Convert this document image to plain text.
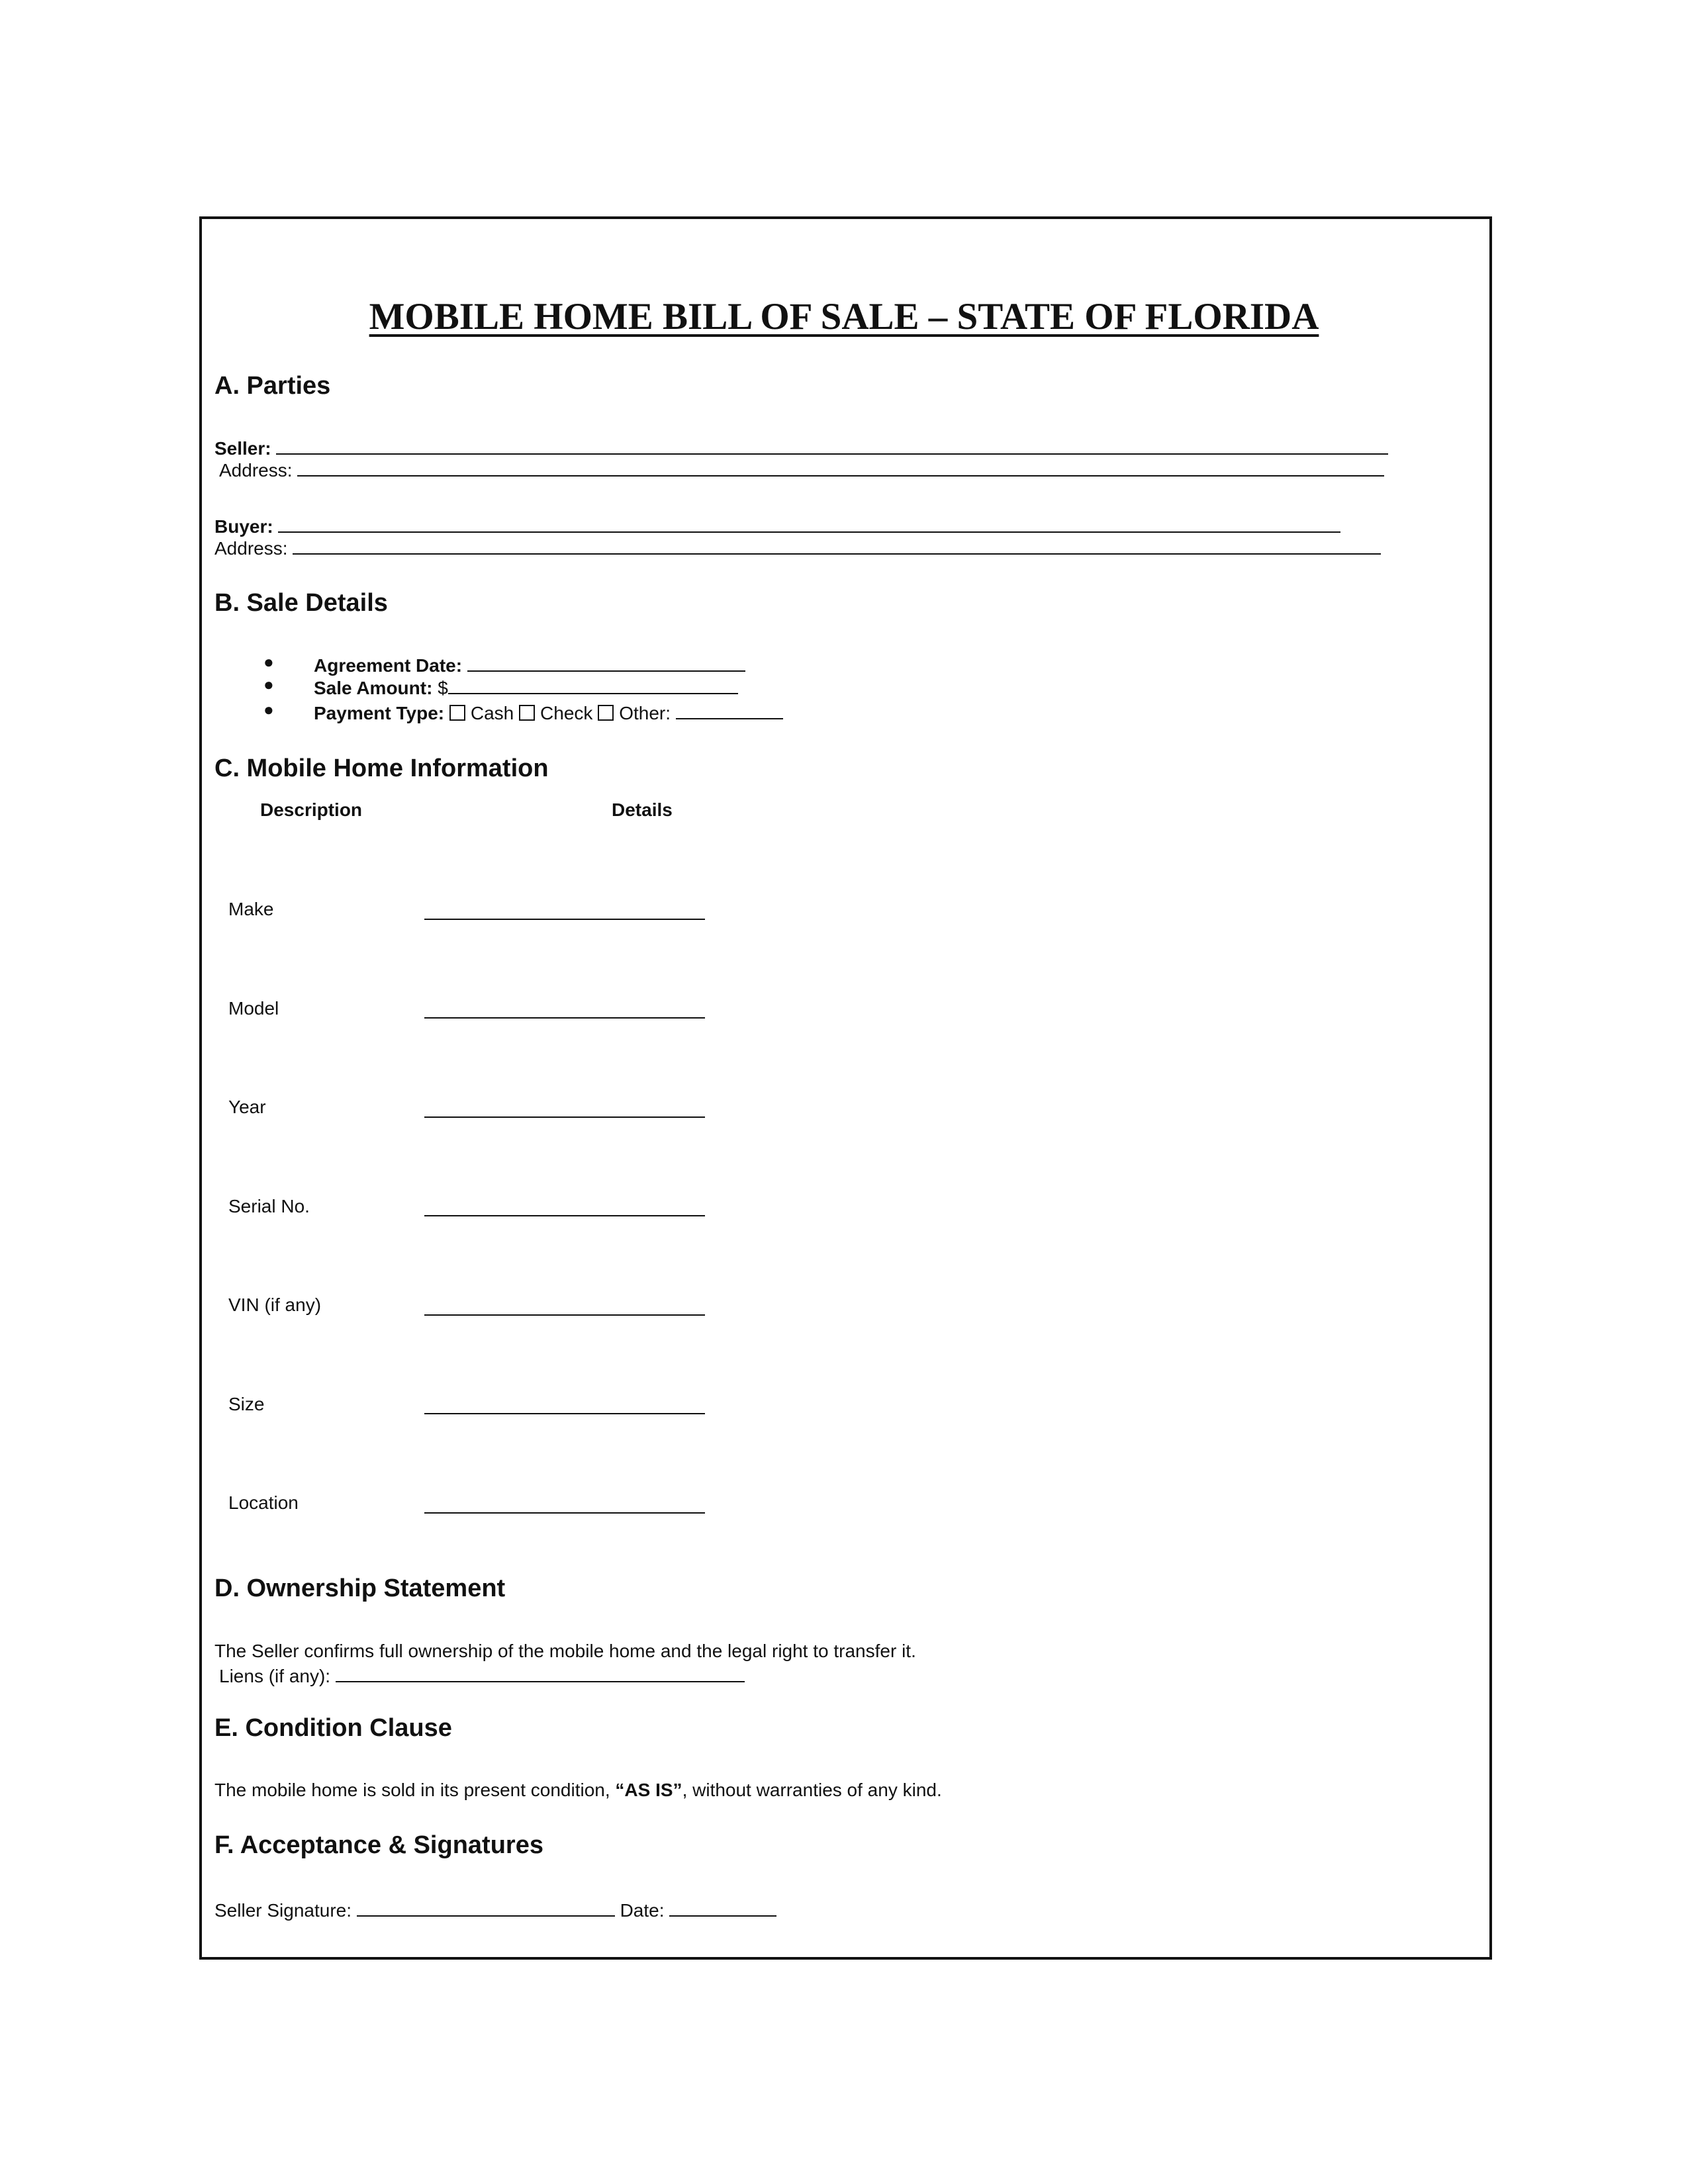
MOBILE HOME BILL OF SALE – STATE OF FLORIDA
A. Parties
Seller:
Address:
Buyer:
Address:
B. Sale Details
● Agreement Date:
● Sale Amount: $
● Payment Type: Cash Check Other:
C. Mobile Home Information
Description	Details
Make
Model
Year
Serial No.
VIN (if any)
Size
Location
D. Ownership Statement
The Seller confirms full ownership of the mobile home and the legal right to transfer it.
Liens (if any):
E. Condition Clause
The mobile home is sold in its present condition, “AS IS”, without warranties of any kind.
F. Acceptance & Signatures
Seller Signature:	Date:
